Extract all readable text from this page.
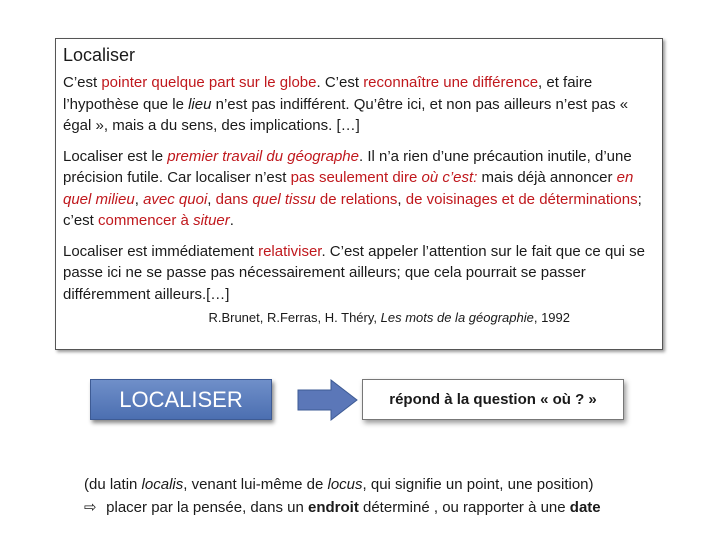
Localiser

C’est pointer quelque part sur le globe. C’est reconnaître une différence, et faire l’hypothèse que le lieu n’est pas indifférent. Qu’être ici, et non pas ailleurs n’est pas « égal », mais a du sens, des implications. […]

Localiser est le premier travail du géographe. Il n’a rien d’une précaution inutile, d’une précision futile. Car localiser n’est pas seulement dire où c’est: mais déjà annoncer en quel milieu, avec quoi, dans quel tissu de relations, de voisinages et de déterminations; c’est commencer à situer.

Localiser est immédiatement relativiser. C’est appeler l’attention sur le fait que ce qui se passe ici ne se passe pas nécessairement ailleurs; que cela pourrait se passer différemment ailleurs.[…]

R.Brunet, R.Ferras, H. Théry, Les mots de la géographie, 1992
LOCALISER	répond à la question « où ? »
(du latin localis, venant lui-même de locus, qui signifie un point, une position)
⇨ placer par la pensée, dans un endroit déterminé , ou rapporter à une date
